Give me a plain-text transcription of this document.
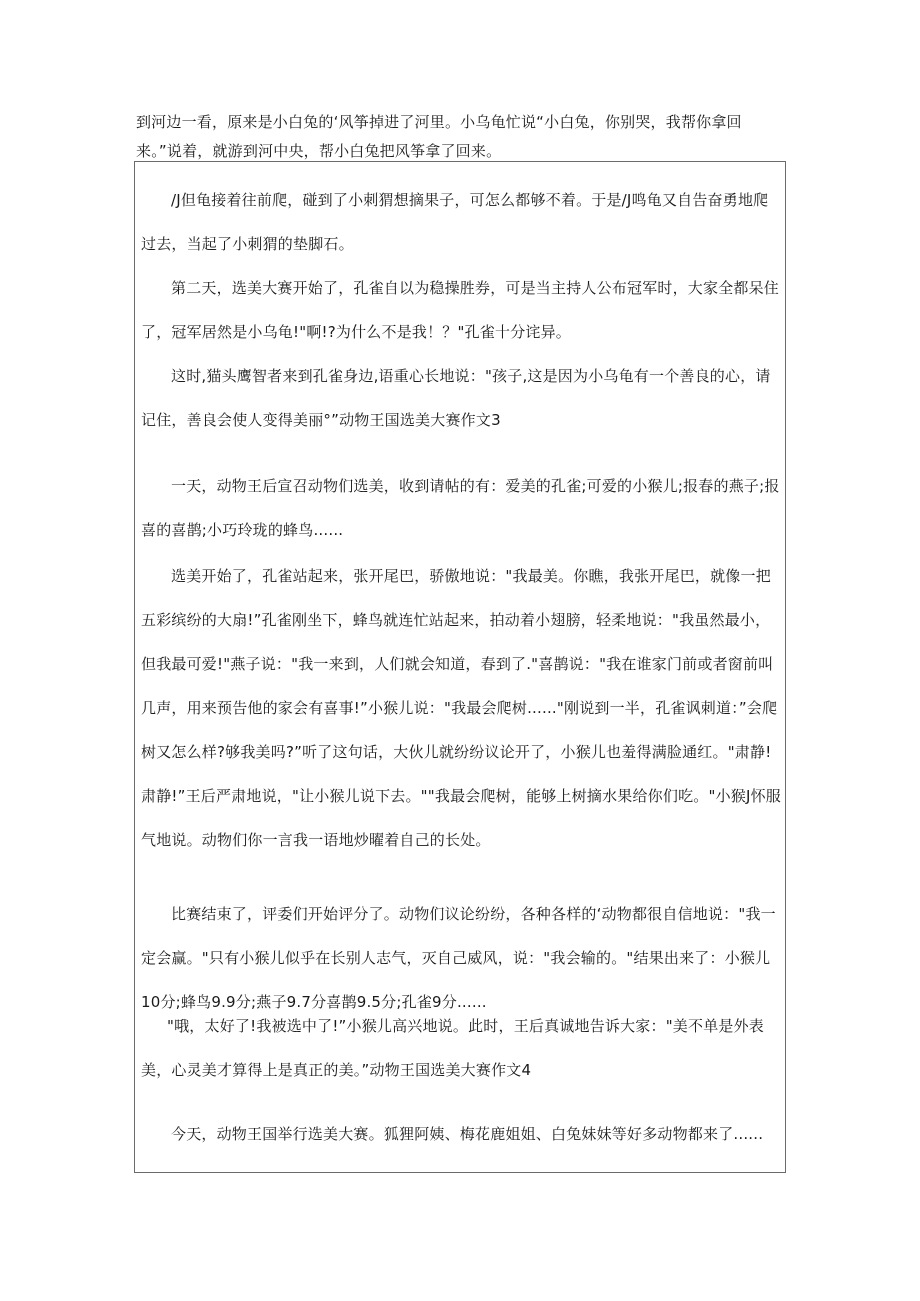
到河边一看，原来是小白兔的‘风筝掉进了河里。小乌龟忙说“小白兔，你别哭，我帮你拿回来。”说着，就游到河中央，帮小白兔把风筝拿了回来。

/J但龟接着往前爬，碰到了小刺猬想摘果子，可怎么都够不着。于是/J鸣龟又自告奋勇地爬过去，当起了小刺猬的垫脚石。

第二天，选美大赛开始了，孔雀自以为稳操胜券，可是当主持人公布冠军时，大家全都呆住了，冠军居然是小乌龟!"啊!?为什么不是我！？"孔雀十分诧异。

这时,猫头鹰智者来到孔雀身边,语重心长地说："孩子,这是因为小乌龟有一个善良的心，请记住，善良会使人变得美丽°”动物王国选美大赛作文3

一天，动物王后宣召动物们选美，收到请帖的有：爱美的孔雀;可爱的小猴儿;报春的燕子;报喜的喜鹊;小巧玲珑的蜂鸟......

选美开始了，孔雀站起来，张开尾巴，骄傲地说："我最美。你瞧，我张开尾巴，就像一把五彩缤纷的大扇!”孔雀刚坐下，蜂鸟就连忙站起来，拍动着小翅膀，轻柔地说："我虽然最小，但我最可爱!"燕子说："我一来到，人们就会知道，春到了."喜鹊说："我在谁家门前或者窗前叫几声，用来预告他的家会有喜事!”小猴儿说："我最会爬树......"刚说到一半，孔雀讽刺道：”会爬树又怎么样?够我美吗?”听了这句话，大伙儿就纷纷议论开了，小猴儿也羞得满脸通红。"肃静!肃静!”王后严肃地说，"让小猴儿说下去。""我最会爬树，能够上树摘水果给你们吃。"小猴J怀服气地说。动物们你一言我一语地炒曜着自己的长处。

比赛结束了，评委们开始评分了。动物们议论纷纷，各种各样的‘动物都很自信地说："我一定会赢。"只有小猴儿似乎在长别人志气，灭自己威风，说："我会输的。"结果出来了：小猴儿10分;蜂鸟9.9分;燕子9.7分喜鹊9.5分;孔雀9分......

"哦，太好了!我被选中了!”小猴儿高兴地说。此时，王后真诚地告诉大家："美不单是外表美，心灵美才算得上是真正的美。”动物王国选美大赛作文4

今天，动物王国举行选美大赛。狐狸阿姨、梅花鹿姐姐、白兔妹妹等好多动物都来了......
